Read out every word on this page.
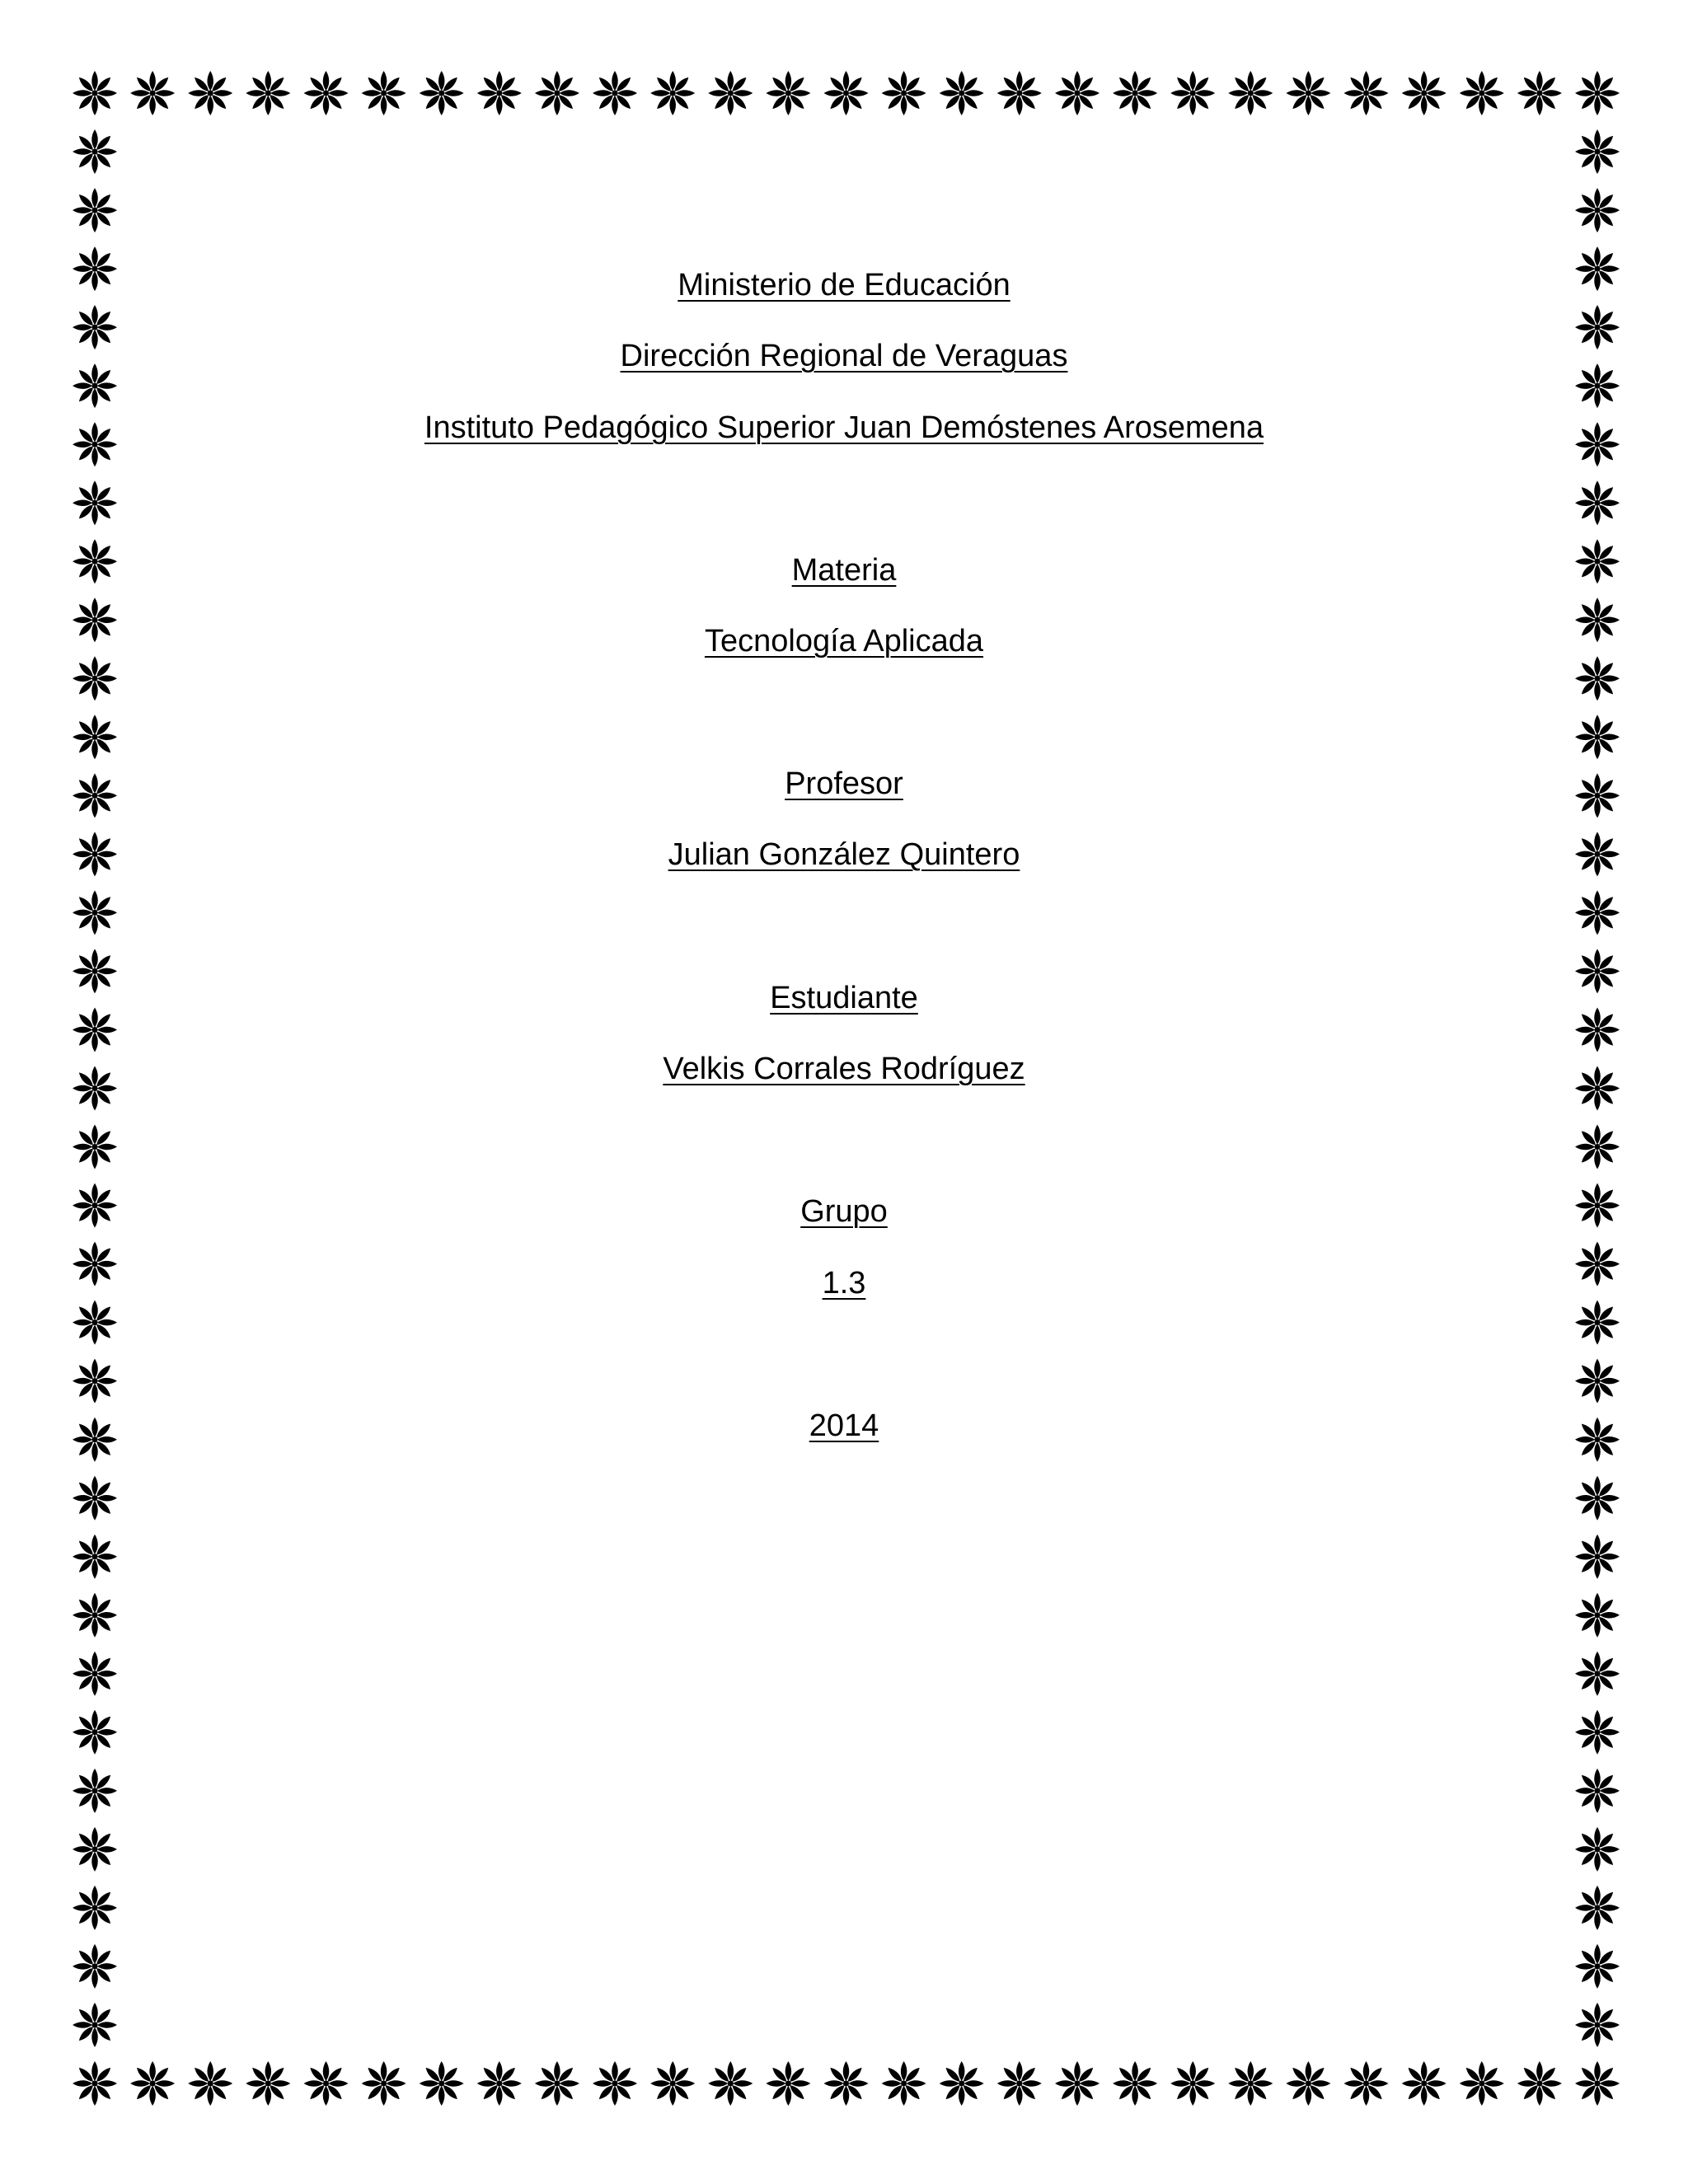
Ministerio de Educación
Dirección Regional de Veraguas
Instituto Pedagógico Superior Juan Demóstenes Arosemena
Materia
Tecnología Aplicada
Profesor
Julian González Quintero
Estudiante
Velkis Corrales Rodríguez
Grupo
1.3
2014
